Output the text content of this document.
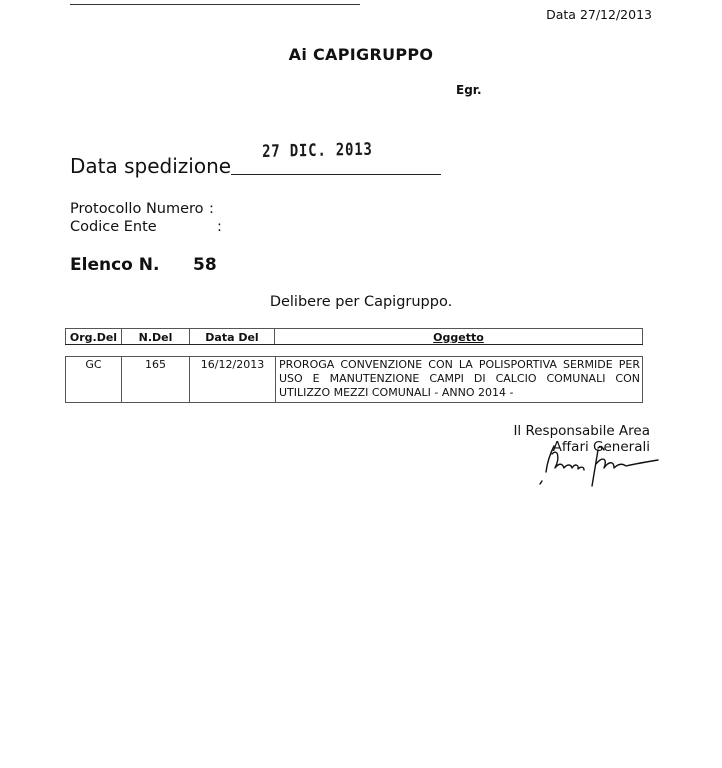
Data 27/12/2013
Ai CAPIGRUPPO
Egr.
Data spedizione
27 DIC. 2013
Protocollo Numero :
Codice Ente	:
Elenco N. 58
Delibere per Capigruppo.
Org.Del	N.Del	Data Del	Oggetto
GC	165	16/12/2013	PROROGA CONVENZIONE CON LA POLISPORTIVA SERMIDE PER USO E MANUTENZIONE CAMPI DI CALCIO COMUNALI CON UTILIZZO MEZZI COMUNALI - ANNO 2014 -
Il Responsabile Area
Affari Generali
